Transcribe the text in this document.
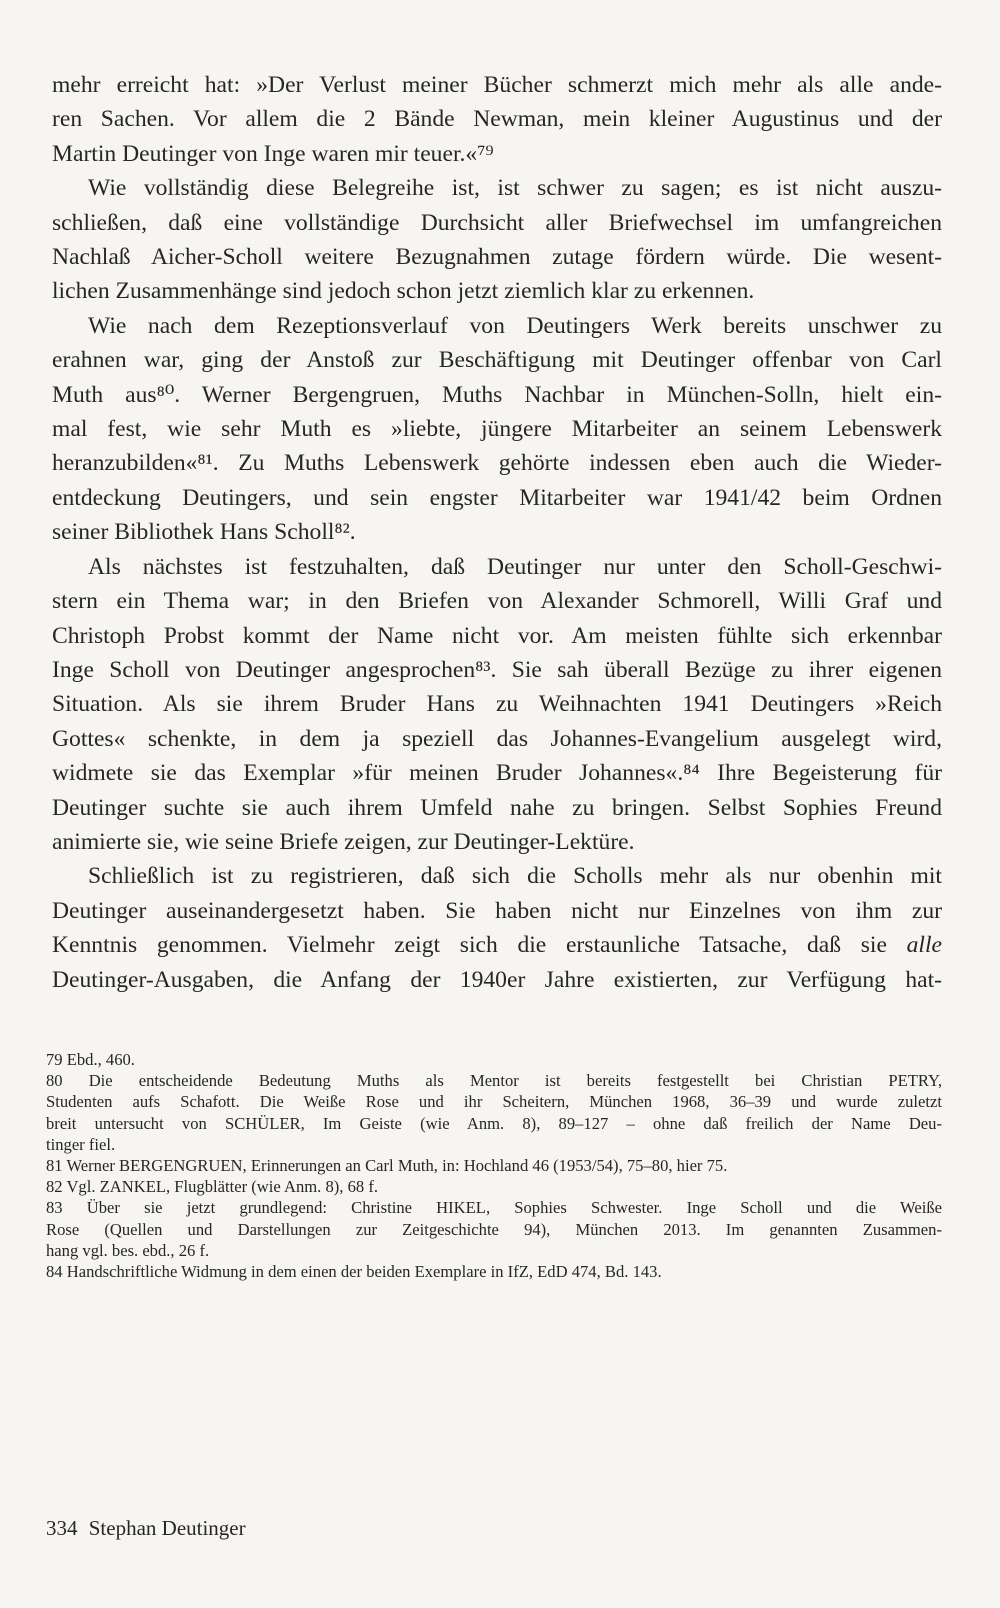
mehr erreicht hat: »Der Verlust meiner Bücher schmerzt mich mehr als alle ande-
ren Sachen. Vor allem die 2 Bände Newman, mein kleiner Augustinus und der
Martin Deutinger von Inge waren mir teuer.«⁷⁹
Wie vollständig diese Belegreihe ist, ist schwer zu sagen; es ist nicht auszu-
schließen, daß eine vollständige Durchsicht aller Briefwechsel im umfangreichen
Nachlaß Aicher-Scholl weitere Bezugnahmen zutage fördern würde. Die wesent-
lichen Zusammenhänge sind jedoch schon jetzt ziemlich klar zu erkennen.
Wie nach dem Rezeptionsverlauf von Deutingers Werk bereits unschwer zu
erahnen war, ging der Anstoß zur Beschäftigung mit Deutinger offenbar von Carl
Muth aus⁸⁰. Werner Bergengruen, Muths Nachbar in München-Solln, hielt ein-
mal fest, wie sehr Muth es »liebte, jüngere Mitarbeiter an seinem Lebenswerk
heranzubilden«⁸¹. Zu Muths Lebenswerk gehörte indessen eben auch die Wieder-
entdeckung Deutingers, und sein engster Mitarbeiter war 1941/42 beim Ordnen
seiner Bibliothek Hans Scholl⁸².
Als nächstes ist festzuhalten, daß Deutinger nur unter den Scholl-Geschwi-
stern ein Thema war; in den Briefen von Alexander Schmorell, Willi Graf und
Christoph Probst kommt der Name nicht vor. Am meisten fühlte sich erkennbar
Inge Scholl von Deutinger angesprochen⁸³. Sie sah überall Bezüge zu ihrer eigenen
Situation. Als sie ihrem Bruder Hans zu Weihnachten 1941 Deutingers »Reich
Gottes« schenkte, in dem ja speziell das Johannes-Evangelium ausgelegt wird,
widmete sie das Exemplar »für meinen Bruder Johannes«.⁸⁴ Ihre Begeisterung für
Deutinger suchte sie auch ihrem Umfeld nahe zu bringen. Selbst Sophies Freund
animierte sie, wie seine Briefe zeigen, zur Deutinger-Lektüre.
Schließlich ist zu registrieren, daß sich die Scholls mehr als nur obenhin mit
Deutinger auseinandergesetzt haben. Sie haben nicht nur Einzelnes von ihm zur
Kenntnis genommen. Vielmehr zeigt sich die erstaunliche Tatsache, daß sie alle
Deutinger-Ausgaben, die Anfang der 1940er Jahre existierten, zur Verfügung hat-
79 Ebd., 460.
80 Die entscheidende Bedeutung Muths als Mentor ist bereits festgestellt bei Christian PETRY,
Studenten aufs Schafott. Die Weiße Rose und ihr Scheitern, München 1968, 36–39 und wurde zuletzt
breit untersucht von SCHÜLER, Im Geiste (wie Anm. 8), 89–127 – ohne daß freilich der Name Deu-
tinger fiel.
81 Werner BERGENGRUEN, Erinnerungen an Carl Muth, in: Hochland 46 (1953/54), 75–80, hier 75.
82 Vgl. ZANKEL, Flugblätter (wie Anm. 8), 68 f.
83 Über sie jetzt grundlegend: Christine HIKEL, Sophies Schwester. Inge Scholl und die Weiße
Rose (Quellen und Darstellungen zur Zeitgeschichte 94), München 2013. Im genannten Zusammen-
hang vgl. bes. ebd., 26 f.
84 Handschriftliche Widmung in dem einen der beiden Exemplare in IfZ, EdD 474, Bd. 143.
334 Stephan Deutinger
